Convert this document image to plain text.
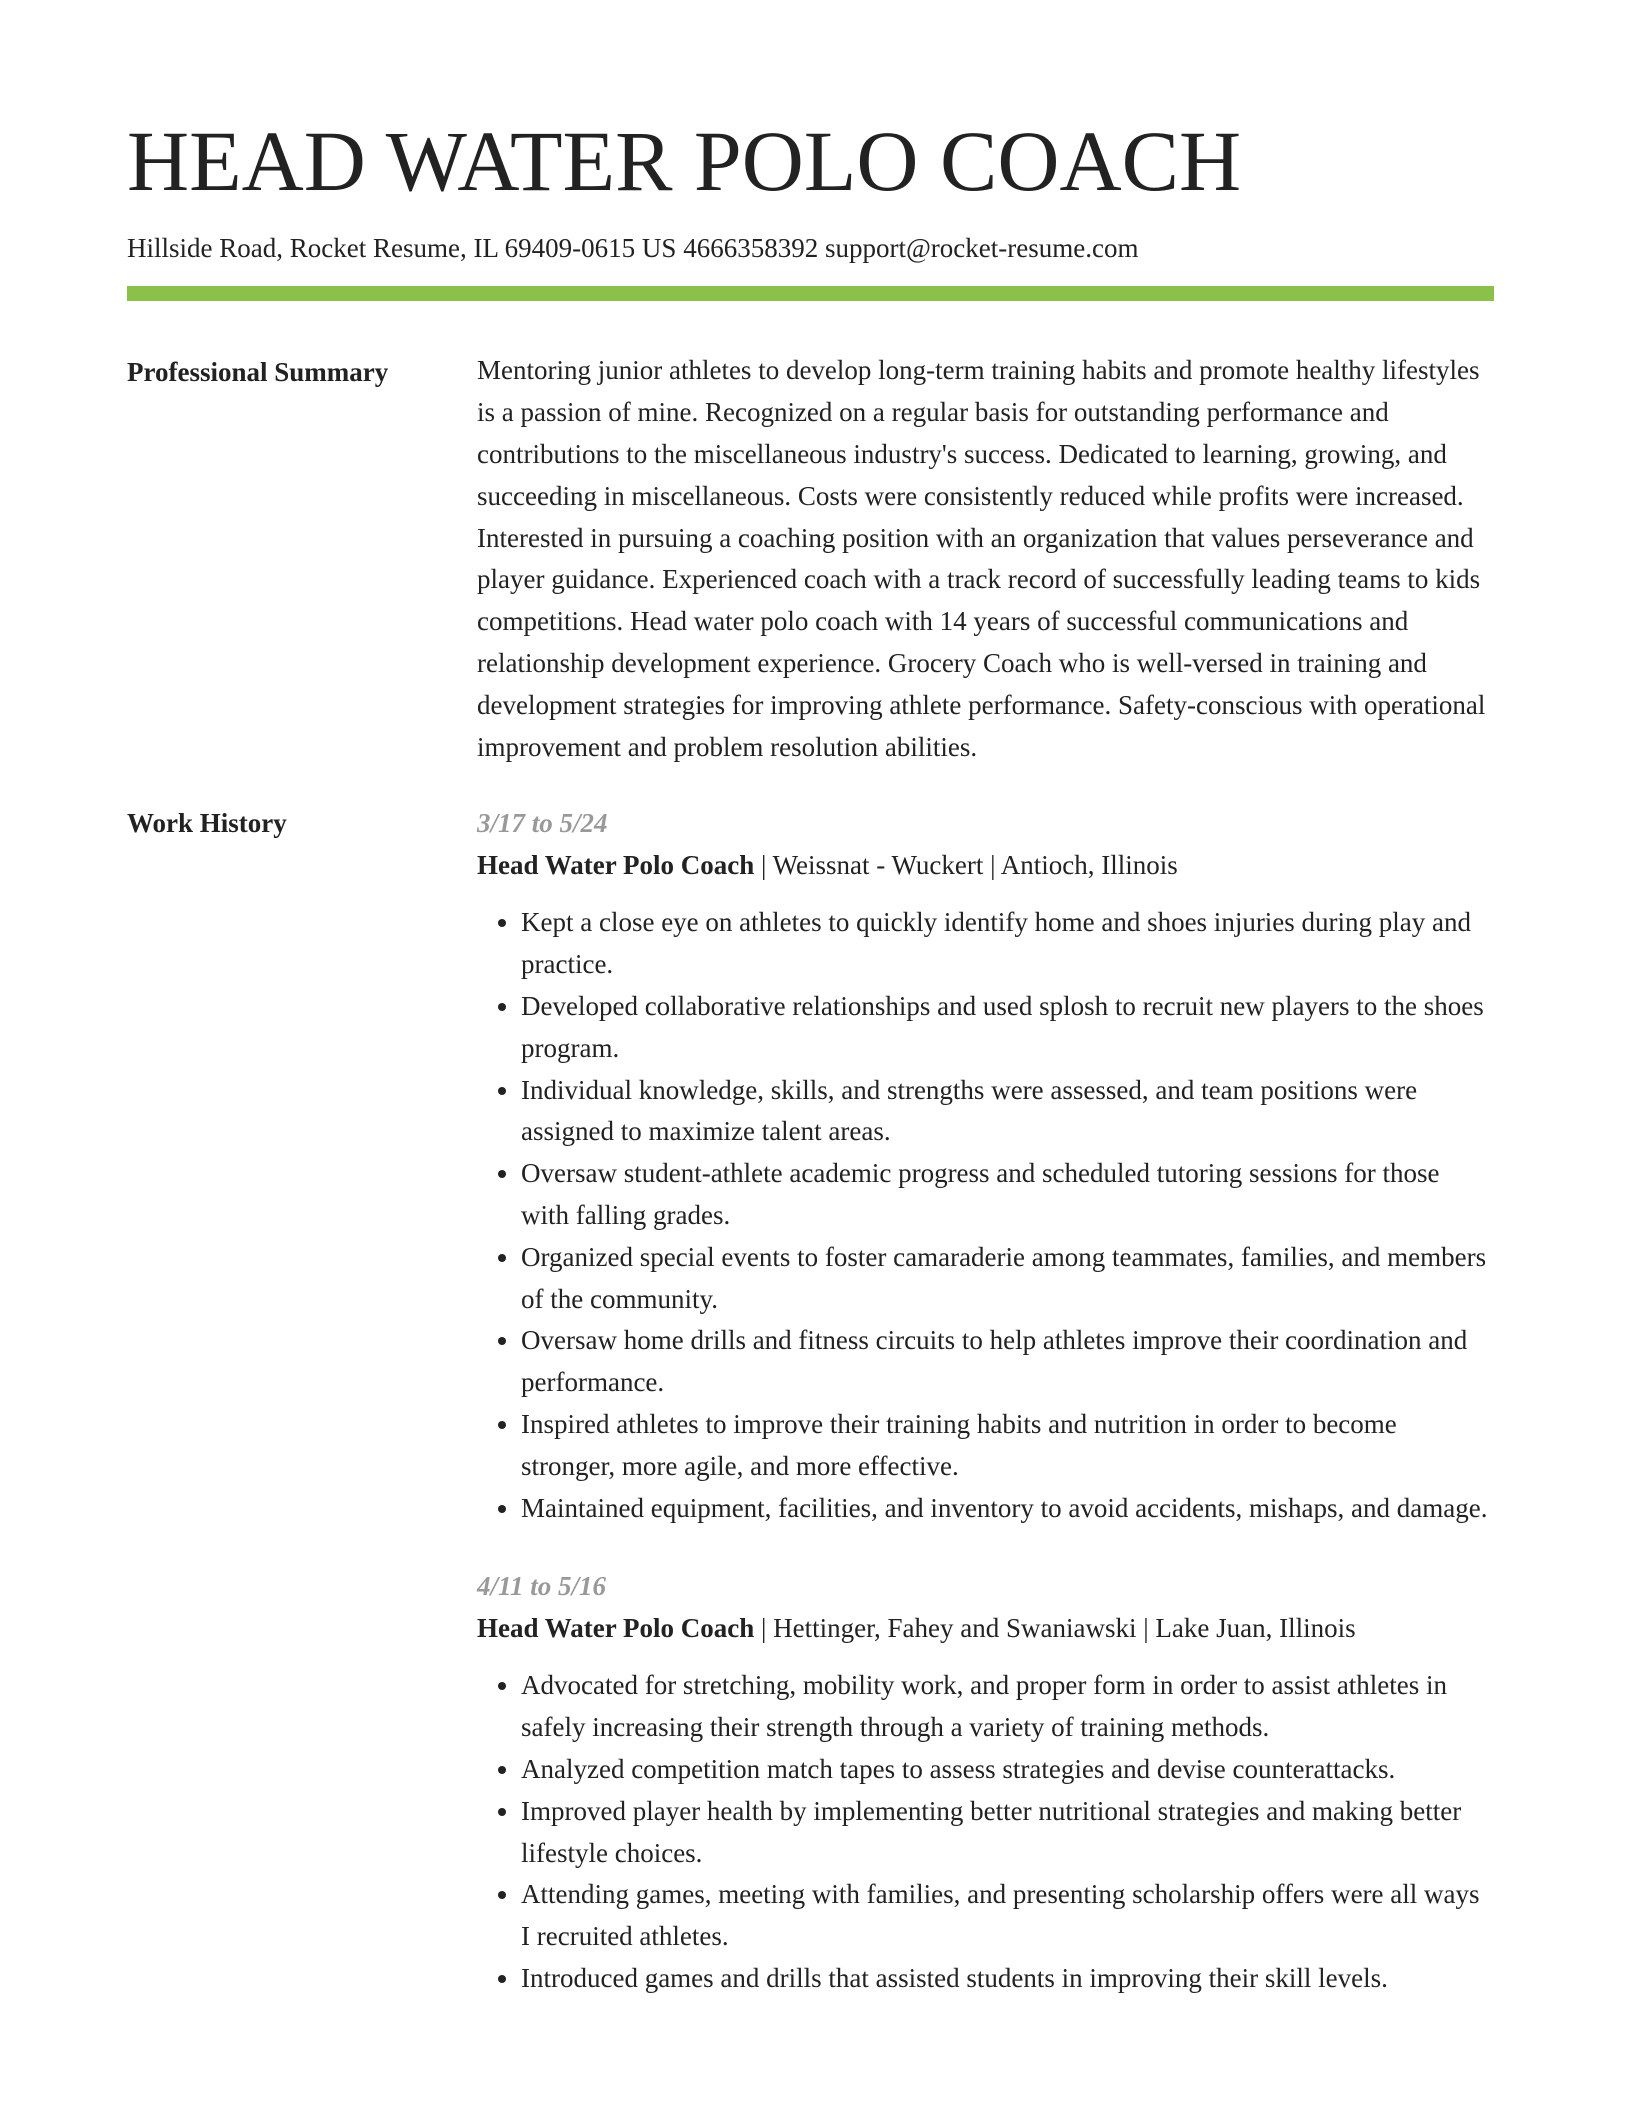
HEAD WATER POLO COACH
Hillside Road, Rocket Resume, IL 69409-0615 US 4666358392 support@rocket-resume.com
Professional Summary	Mentoring junior athletes to develop long-term training habits and promote healthy lifestyles is a passion of mine. Recognized on a regular basis for outstanding performance and contributions to the miscellaneous industry's success. Dedicated to learning, growing, and succeeding in miscellaneous. Costs were consistently reduced while profits were increased. Interested in pursuing a coaching position with an organization that values perseverance and player guidance. Experienced coach with a track record of successfully leading teams to kids competitions. Head water polo coach with 14 years of successful communications and relationship development experience. Grocery Coach who is well-versed in training and development strategies for improving athlete performance. Safety-conscious with operational improvement and problem resolution abilities.

Work History	3/17 to 5/24
Head Water Polo Coach | Weissnat - Wuckert | Antioch, Illinois
• Kept a close eye on athletes to quickly identify home and shoes injuries during play and practice.
• Developed collaborative relationships and used splosh to recruit new players to the shoes program.
• Individual knowledge, skills, and strengths were assessed, and team positions were assigned to maximize talent areas.
• Oversaw student-athlete academic progress and scheduled tutoring sessions for those with falling grades.
• Organized special events to foster camaraderie among teammates, families, and members of the community.
• Oversaw home drills and fitness circuits to help athletes improve their coordination and performance.
• Inspired athletes to improve their training habits and nutrition in order to become stronger, more agile, and more effective.
• Maintained equipment, facilities, and inventory to avoid accidents, mishaps, and damage.
4/11 to 5/16
Head Water Polo Coach | Hettinger, Fahey and Swaniawski | Lake Juan, Illinois
• Advocated for stretching, mobility work, and proper form in order to assist athletes in safely increasing their strength through a variety of training methods.
• Analyzed competition match tapes to assess strategies and devise counterattacks.
• Improved player health by implementing better nutritional strategies and making better lifestyle choices.
• Attending games, meeting with families, and presenting scholarship offers were all ways I recruited athletes.
• Introduced games and drills that assisted students in improving their skill levels.
